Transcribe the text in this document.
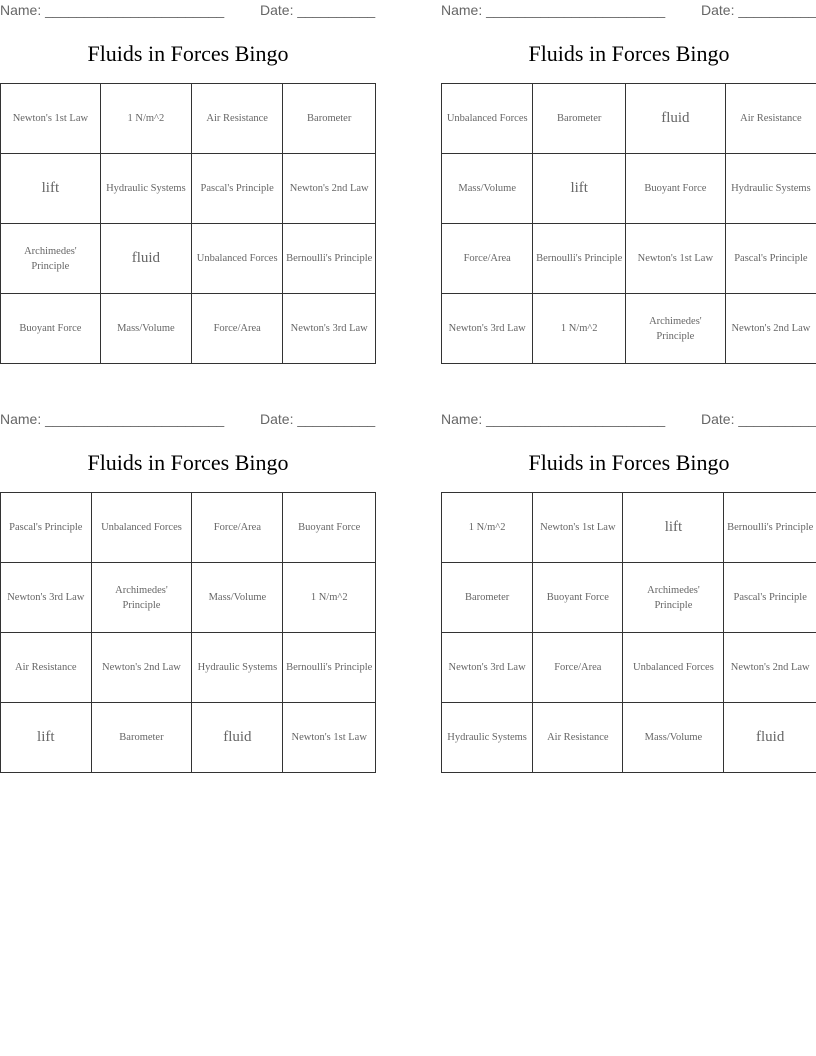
Name: _______________________	Date: __________
Fluids in Forces Bingo
Newton's 1st Law	1 N/m^2	Air Resistance	Barometer
lift	Hydraulic Systems	Pascal's Principle	Newton's 2nd Law
Archimedes' Principle	fluid	Unbalanced Forces	Bernoulli's Principle
Buoyant Force	Mass/Volume	Force/Area	Newton's 3rd Law
Name: _______________________	Date: __________
Fluids in Forces Bingo
Unbalanced Forces	Barometer	fluid	Air Resistance
Mass/Volume	lift	Buoyant Force	Hydraulic Systems
Force/Area	Bernoulli's Principle	Newton's 1st Law	Pascal's Principle
Newton's 3rd Law	1 N/m^2	Archimedes' Principle	Newton's 2nd Law
Name: _______________________	Date: __________
Fluids in Forces Bingo
Pascal's Principle	Unbalanced Forces	Force/Area	Buoyant Force
Newton's 3rd Law	Archimedes' Principle	Mass/Volume	1 N/m^2
Air Resistance	Newton's 2nd Law	Hydraulic Systems	Bernoulli's Principle
lift	Barometer	fluid	Newton's 1st Law
Name: _______________________	Date: __________
Fluids in Forces Bingo
1 N/m^2	Newton's 1st Law	lift	Bernoulli's Principle
Barometer	Buoyant Force	Archimedes' Principle	Pascal's Principle
Newton's 3rd Law	Force/Area	Unbalanced Forces	Newton's 2nd Law
Hydraulic Systems	Air Resistance	Mass/Volume	fluid
